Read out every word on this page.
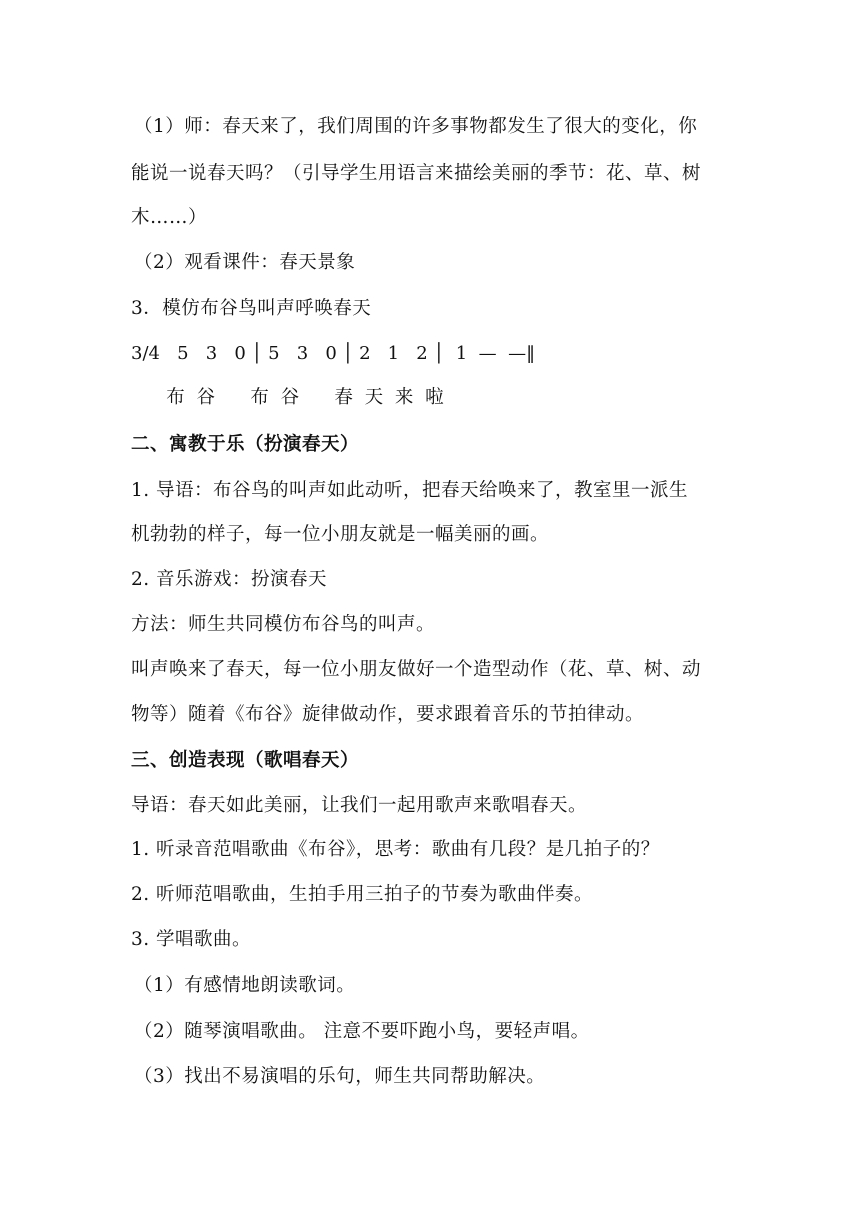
（1）师：春天来了，我们周围的许多事物都发生了很大的变化，你
能说一说春天吗？（引导学生用语言来描绘美丽的季节：花、草、树
木……）
（2）观看课件：春天景象
3．模仿布谷鸟叫声呼唤春天
3/4   5   3   0 │ 5   3   0 │ 2   1   2 │  1  —  —‖
布  谷      布  谷      春  天  来  啦
二、寓教于乐（扮演春天）
1. 导语：布谷鸟的叫声如此动听，把春天给唤来了，教室里一派生
机勃勃的样子，每一位小朋友就是一幅美丽的画。
2. 音乐游戏：扮演春天
方法：师生共同模仿布谷鸟的叫声。
叫声唤来了春天，每一位小朋友做好一个造型动作（花、草、树、动
物等）随着《布谷》旋律做动作，要求跟着音乐的节拍律动。
三、创造表现（歌唱春天）
导语：春天如此美丽，让我们一起用歌声来歌唱春天。
1. 听录音范唱歌曲《布谷》，思考：歌曲有几段？是几拍子的？
2. 听师范唱歌曲，生拍手用三拍子的节奏为歌曲伴奏。
3. 学唱歌曲。
（1）有感情地朗读歌词。
（2）随琴演唱歌曲。 注意不要吓跑小鸟，要轻声唱。
（3）找出不易演唱的乐句，师生共同帮助解决。
